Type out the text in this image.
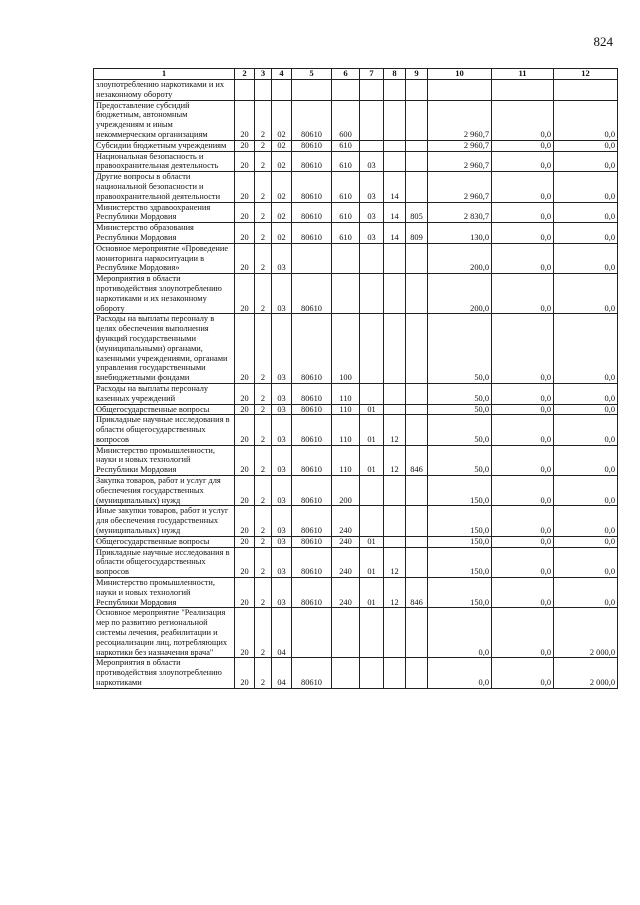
824
1	2	3	4	5	6	7	8	9	10	11	12
злоупотреблению наркотиками и их незаконному обороту											
Предоставление субсидий бюджетным, автономным учреждениям и иным некоммерческим организациям	20	2	02	80610	600				2 960,7	0,0	0,0
Субсидии бюджетным учреждениям	20	2	02	80610	610				2 960,7	0,0	0,0
Национальная безопасность и правоохранительная деятельность	20	2	02	80610	610	03			2 960,7	0,0	0,0
Другие вопросы в области национальной безопасности и правоохранительной деятельности	20	2	02	80610	610	03	14		2 960,7	0,0	0,0
Министерство здравоохранения Республики Мордовия	20	2	02	80610	610	03	14	805	2 830,7	0,0	0,0
Министерство образования Республики Мордовия	20	2	02	80610	610	03	14	809	130,0	0,0	0,0
Основное мероприятие «Проведение мониторинга наркоситуации в Республике Мордовия»	20	2	03						200,0	0,0	0,0
Мероприятия в области противодействия злоупотреблению наркотиками и их незаконному обороту	20	2	03	80610					200,0	0,0	0,0
Расходы на выплаты персоналу в целях обеспечения выполнения функций государственными (муниципальными) органами, казенными учреждениями, органами управления государственными внебюджетными фондами	20	2	03	80610	100				50,0	0,0	0,0
Расходы на выплаты персоналу казенных учреждений	20	2	03	80610	110				50,0	0,0	0,0
Общегосударственные вопросы	20	2	03	80610	110	01			50,0	0,0	0,0
Прикладные научные исследования в области общегосударственных вопросов	20	2	03	80610	110	01	12		50,0	0,0	0,0
Министерство промышленности, науки и новых технологий Республики Мордовия	20	2	03	80610	110	01	12	846	50,0	0,0	0,0
Закупка товаров, работ и услуг для обеспечения государственных (муниципальных) нужд	20	2	03	80610	200				150,0	0,0	0,0
Иные закупки товаров, работ и услуг для обеспечения государственных (муниципальных) нужд	20	2	03	80610	240				150,0	0,0	0,0
Общегосударственные вопросы	20	2	03	80610	240	01			150,0	0,0	0,0
Прикладные научные исследования в области общегосударственных вопросов	20	2	03	80610	240	01	12		150,0	0,0	0,0
Министерство промышленности, науки и новых технологий Республики Мордовия	20	2	03	80610	240	01	12	846	150,0	0,0	0,0
Основное мероприятие "Реализация мер по развитию региональной системы лечения, реабилитации и ресоциализации лиц, потребляющих наркотики без назначения врача"	20	2	04						0,0	0,0	2 000,0
Мероприятия в области противодействия злоупотреблению наркотиками	20	2	04	80610					0,0	0,0	2 000,0
